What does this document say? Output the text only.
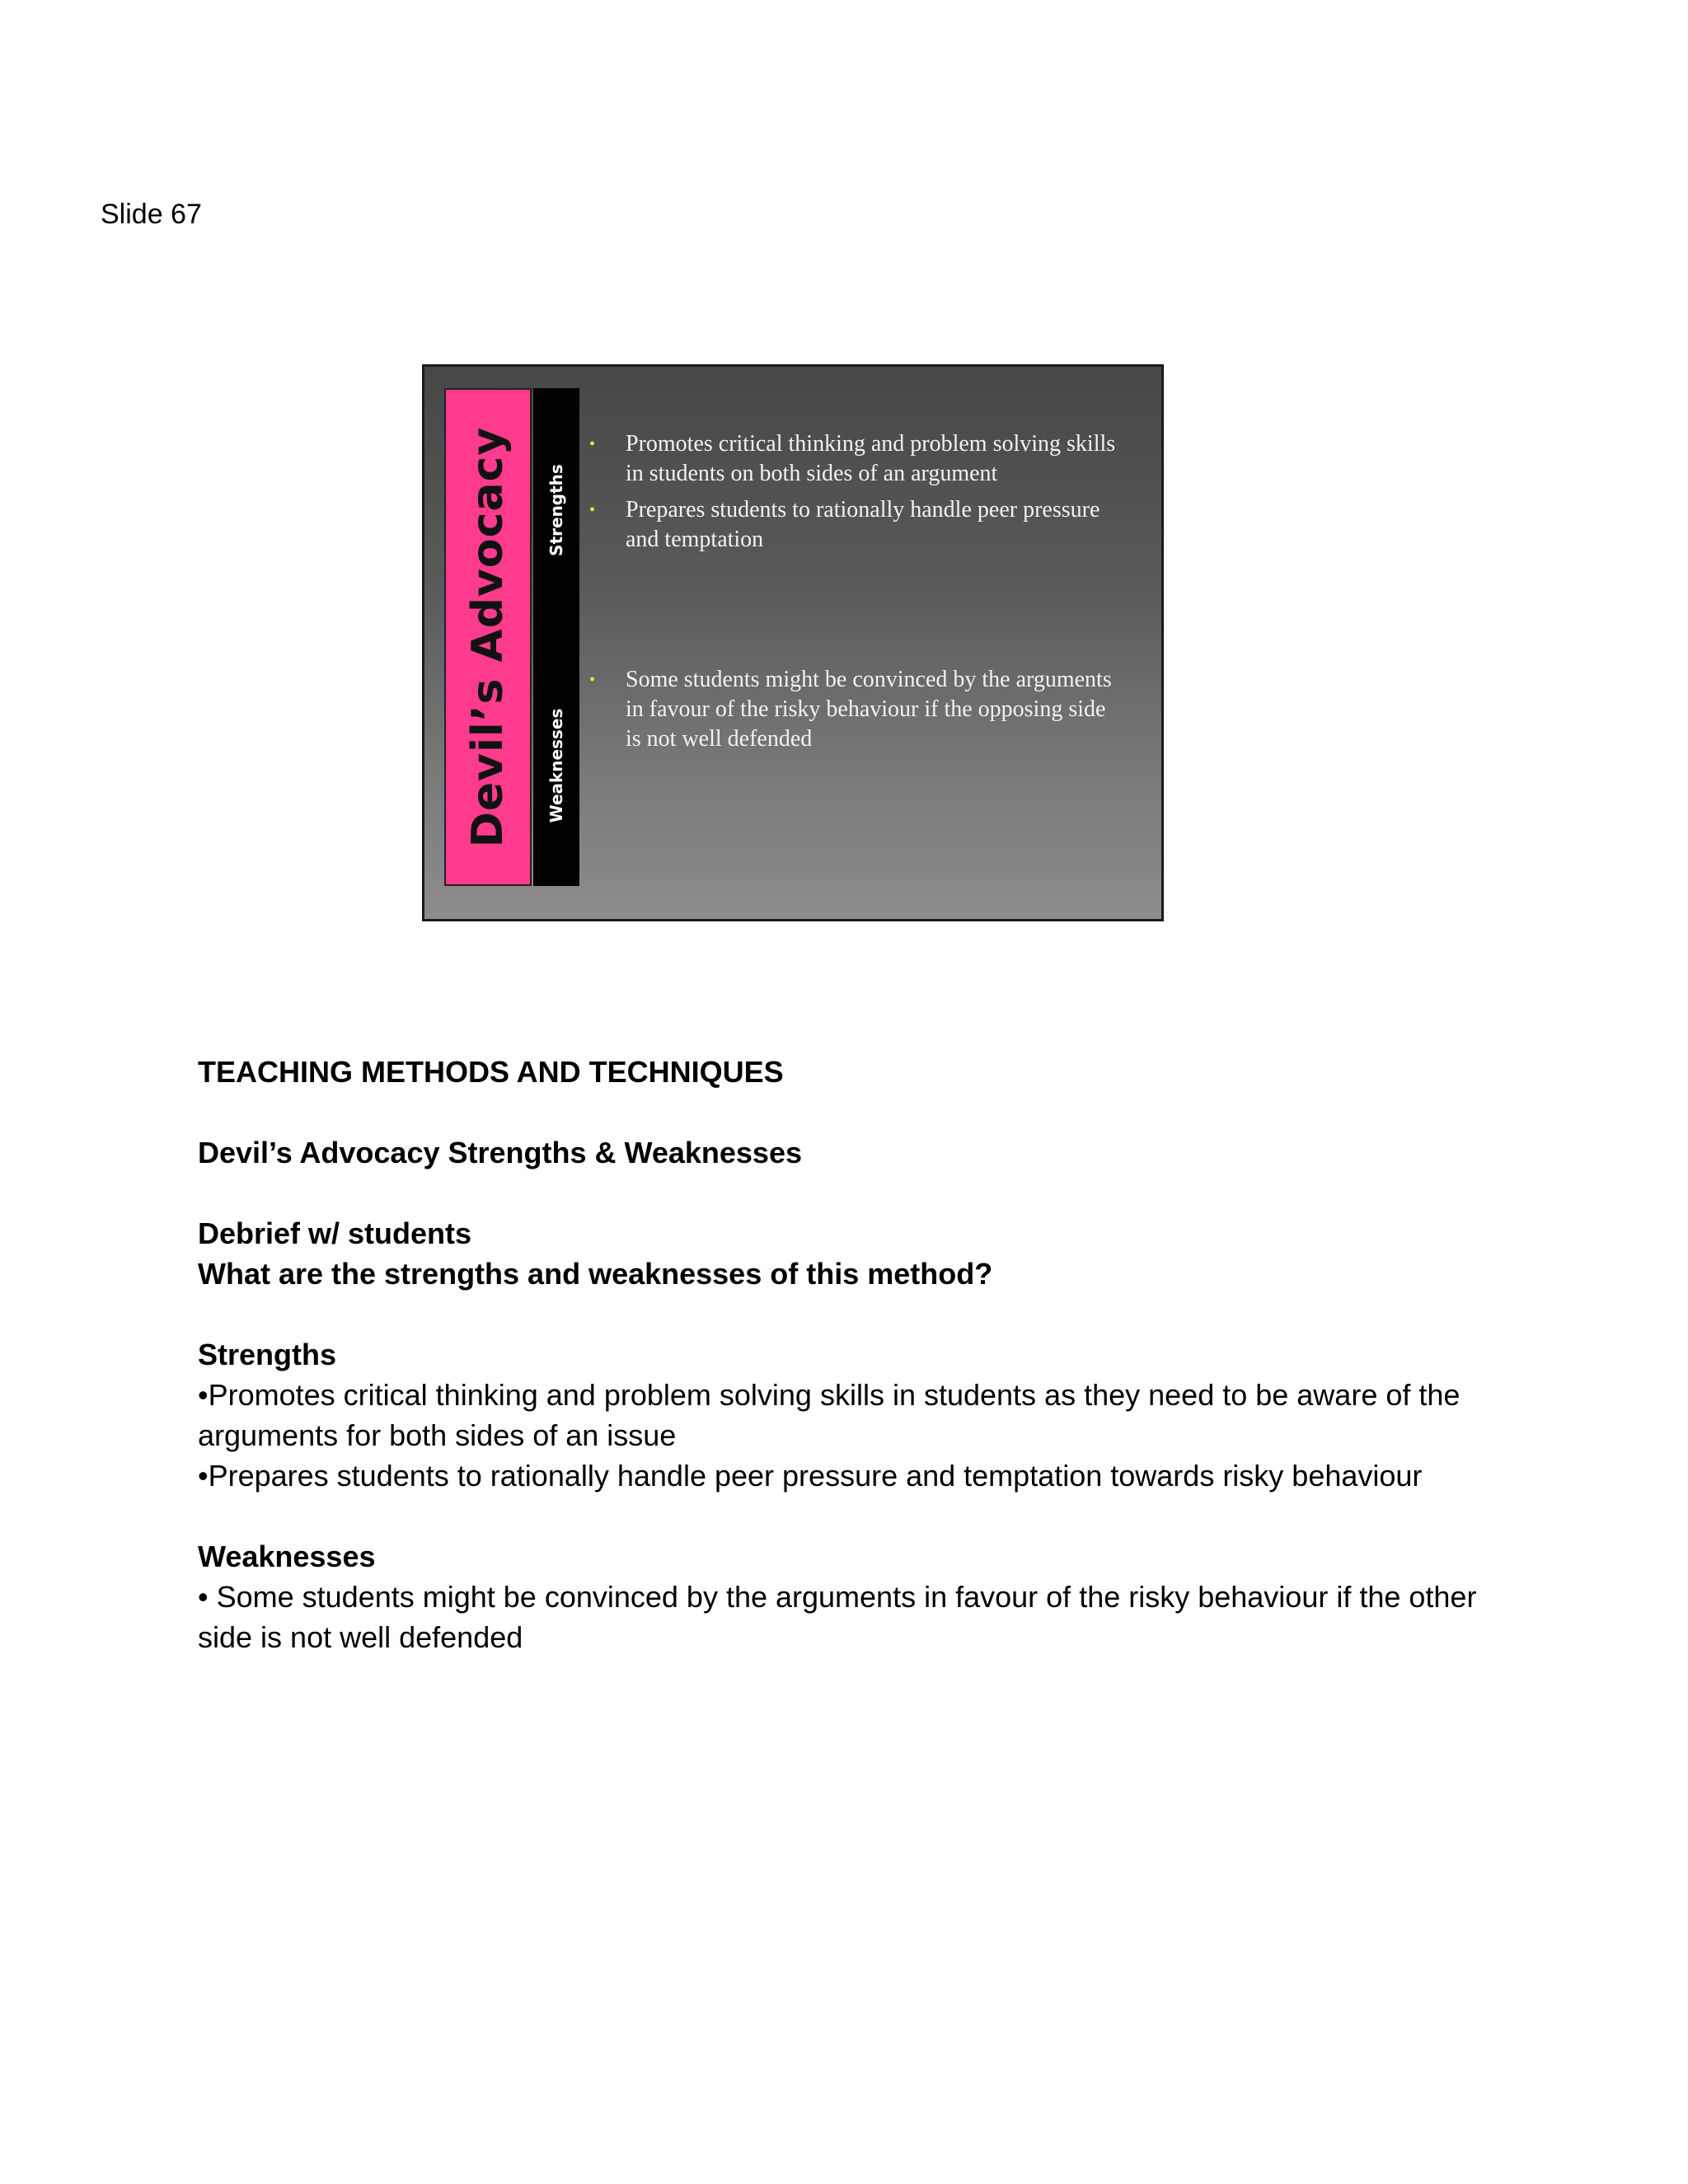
Slide 67
Devil’s Advocacy Strengths
Weaknesses
• Promotes critical thinking and problem solving skills in students on both sides of an argument
• Prepares students to rationally handle peer pressure and temptation
• Some students might be convinced by the arguments in favour of the risky behaviour if the opposing side is not well defended

TEACHING METHODS AND TECHNIQUES

Devil’s Advocacy Strengths & Weaknesses

Debrief w/ students

What are the strengths and weaknesses of this method?

Strengths

•Promotes critical thinking and problem solving skills in students as they need to be aware of the arguments for both sides of an issue

•Prepares students to rationally handle peer pressure and temptation towards risky behaviour

Weaknesses

• Some students might be convinced by the arguments in favour of the risky behaviour if the other side is not well defended
